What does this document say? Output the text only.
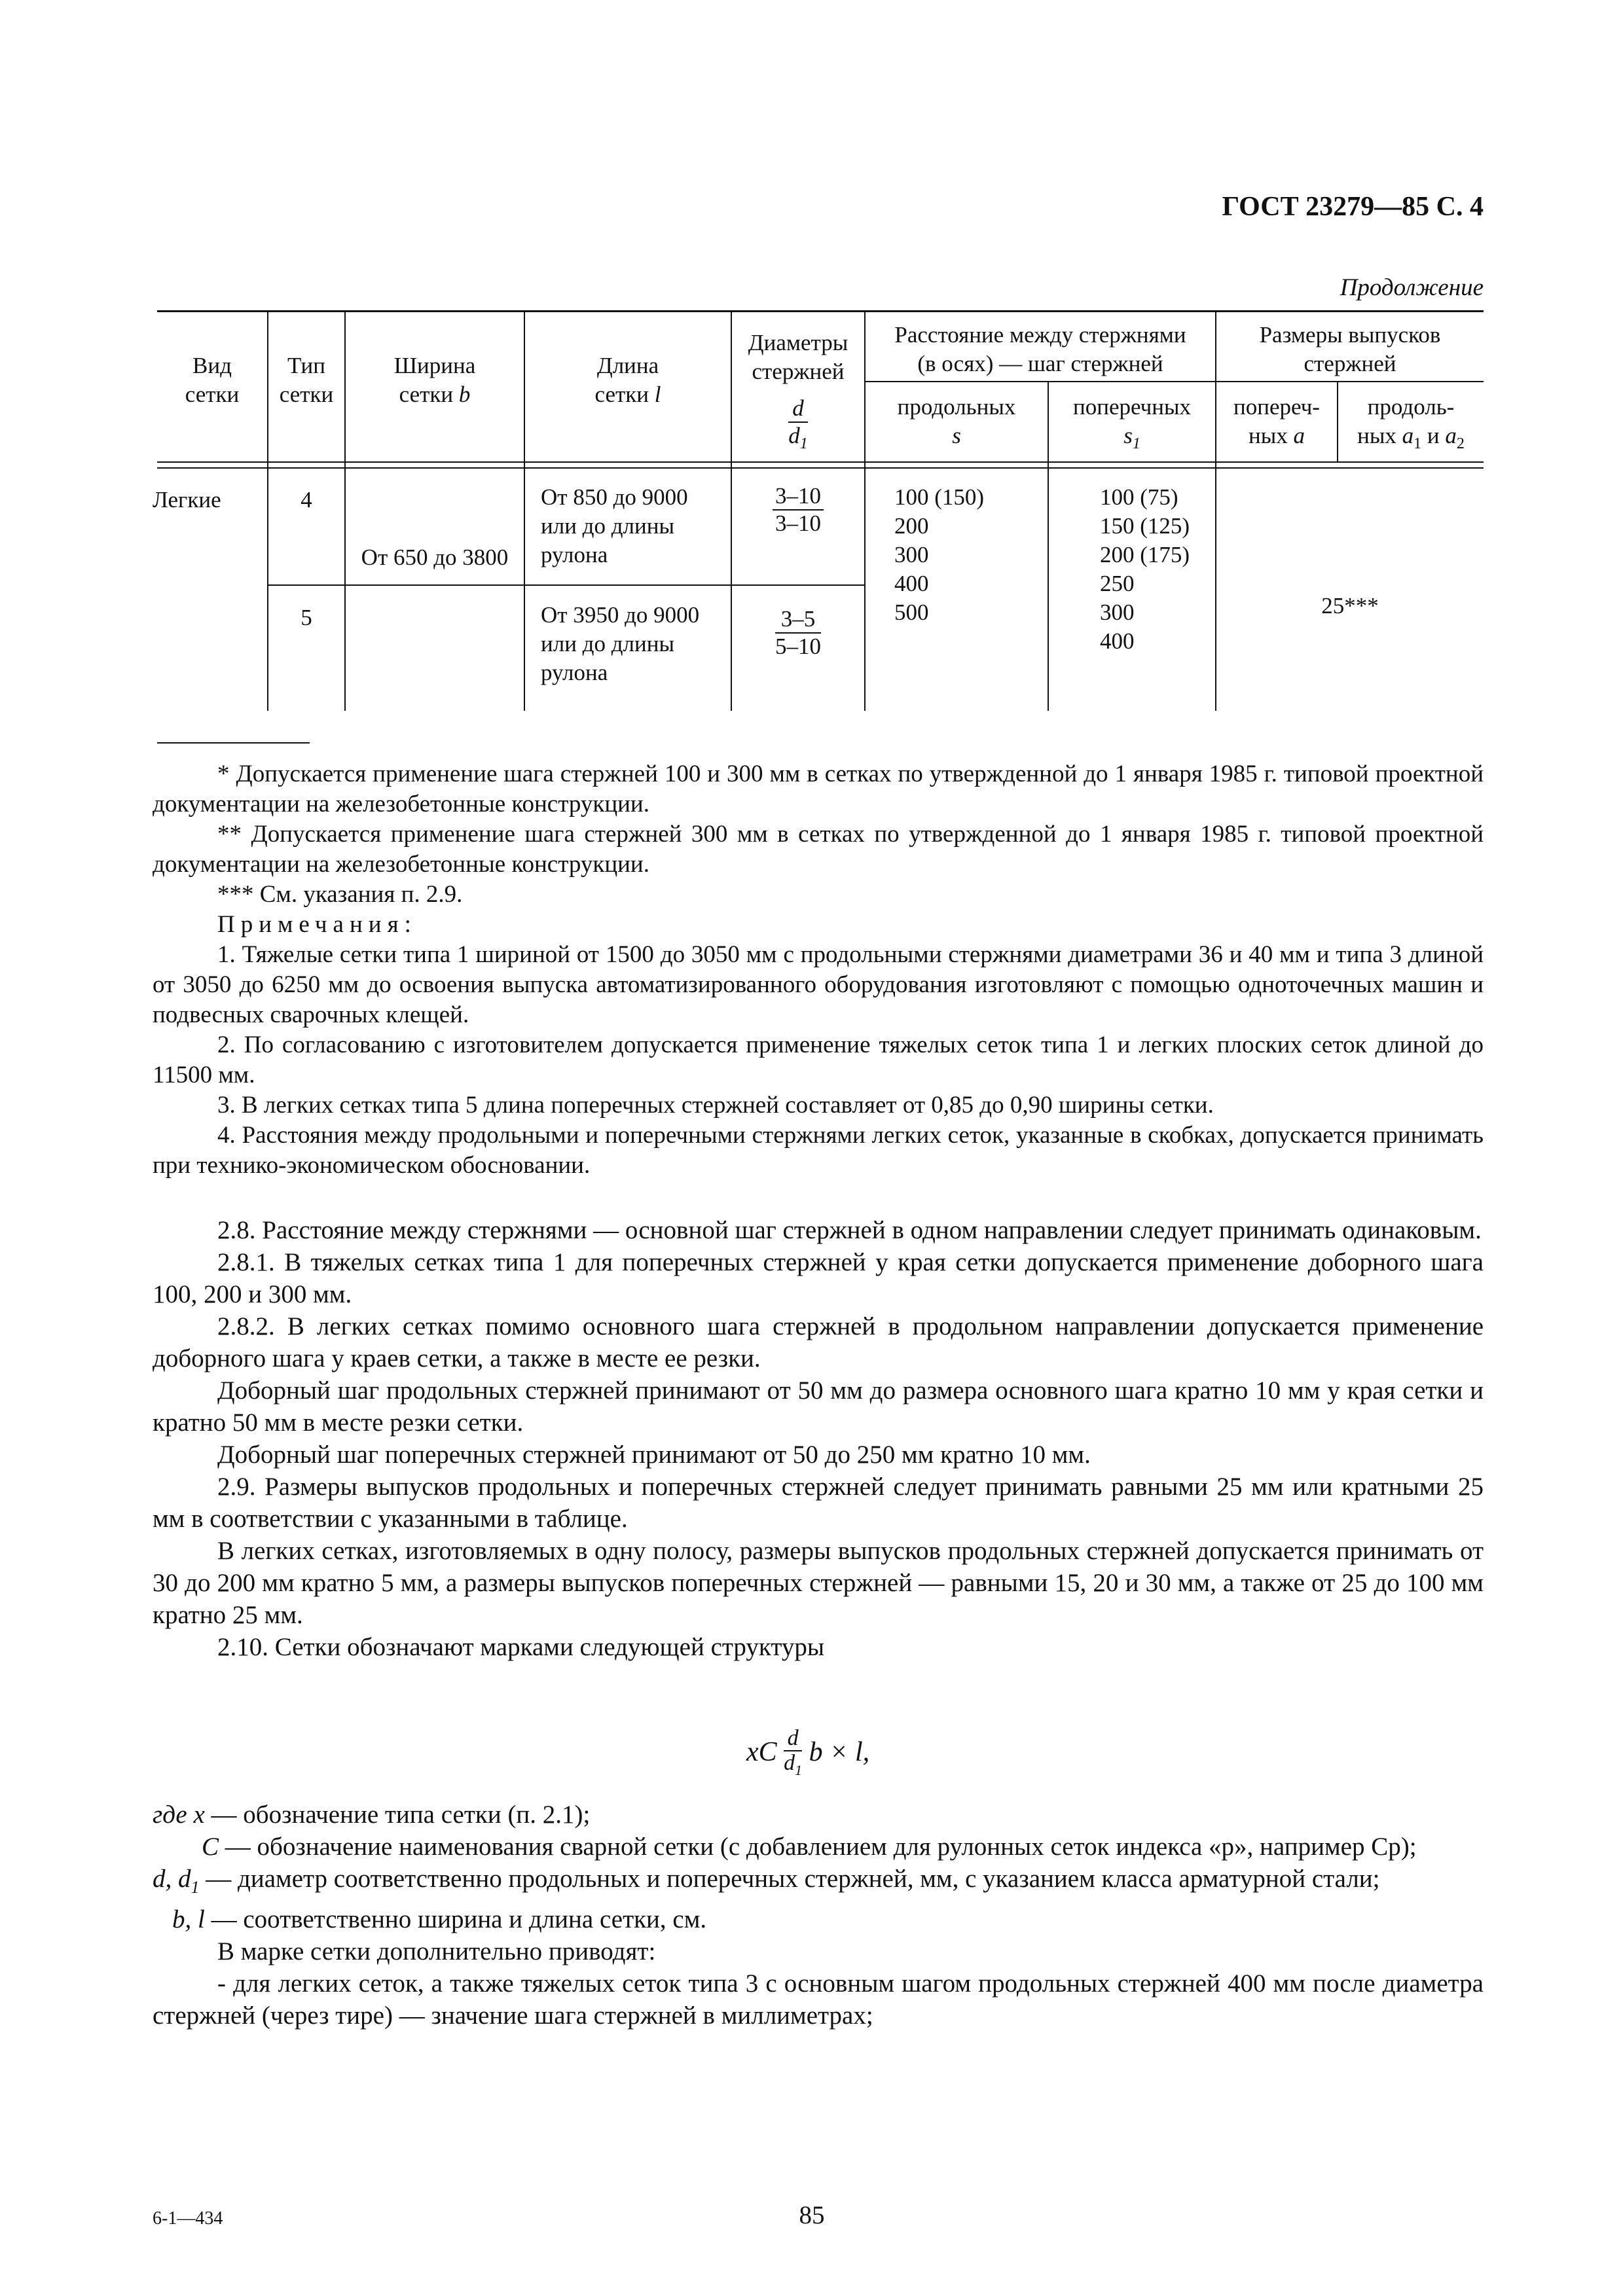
ГОСТ 23279—85 С. 4
Продолжение
Вид
сетки
Тип
сетки
Ширина
сетки b
Длина
сетки l
Диаметры
стержней
$\frac{d}{d_1}$
Расстояние между стержнями
(в осях) — шаг стержней
продольных
s
поперечных
$s_1$
Размеры выпусков
стержней
попереч-
ных a
продоль-
ных $a_1$ и $a_2$
Легкие	4
5
От 650 до 3800
От 850 до 9000
или до длины
рулона
От 3950 до 9000
или до длины
рулона
$\frac{3-10}{3-10}$
$\frac{3-5}{5-10}$
100 (150)
200
300
400
500
100 (75)
150 (125)
200 (175)
250
300
400
25***
* Допускается применение шага стержней 100 и 300 мм в сетках по утвержденной до 1 января 1985 г. типовой проектной документации на железобетонные конструкции.
** Допускается применение шага стержней 300 мм в сетках по утвержденной до 1 января 1985 г. типовой проектной документации на железобетонные конструкции.
*** См. указания п. 2.9.
Примечания:
1. Тяжелые сетки типа 1 шириной от 1500 до 3050 мм с продольными стержнями диаметрами 36 и 40 мм и типа 3 длиной от 3050 до 6250 мм до освоения выпуска автоматизированного оборудования изготовляют с помощью одноточечных машин и подвесных сварочных клещей.
2. По согласованию с изготовителем допускается применение тяжелых сеток типа 1 и легких плоских сеток длиной до 11500 мм.
3. В легких сетках типа 5 длина поперечных стержней составляет от 0,85 до 0,90 ширины сетки.
4. Расстояния между продольными и поперечными стержнями легких сеток, указанные в скобках, допускается принимать при технико-экономическом обосновании.
2.8. Расстояние между стержнями — основной шаг стержней в одном направлении следует принимать одинаковым.
2.8.1. В тяжелых сетках типа 1 для поперечных стержней у края сетки допускается применение доборного шага 100, 200 и 300 мм.
2.8.2. В легких сетках помимо основного шага стержней в продольном направлении допускается применение доборного шага у краев сетки, а также в месте ее резки.
Доборный шаг продольных стержней принимают от 50 мм до размера основного шага кратно 10 мм у края сетки и кратно 50 мм в месте резки сетки.
Доборный шаг поперечных стержней принимают от 50 до 250 мм кратно 10 мм.
2.9. Размеры выпусков продольных и поперечных стержней следует принимать равными 25 мм или кратными 25 мм в соответствии с указанными в таблице.
В легких сетках, изготовляемых в одну полосу, размеры выпусков продольных стержней допускается принимать от 30 до 200 мм кратно 5 мм, а размеры выпусков поперечных стержней — равными 15, 20 и 30 мм, а также от 25 до 100 мм кратно 25 мм.
2.10. Сетки обозначают марками следующей структуры
xC $\frac{d}{d_1}$ b × l,
где x — обозначение типа сетки (п. 2.1);
C — обозначение наименования сварной сетки (с добавлением для рулонных сеток индекса «р», например Ср);
d, $d_1$ — диаметр соответственно продольных и поперечных стержней, мм, с указанием класса арматурной стали;
b, l — соответственно ширина и длина сетки, см.
В марке сетки дополнительно приводят:
- для легких сеток, а также тяжелых сеток типа 3 с основным шагом продольных стержней 400 мм после диаметра стержней (через тире) — значение шага стержней в миллиметрах;
6-1—434	85
